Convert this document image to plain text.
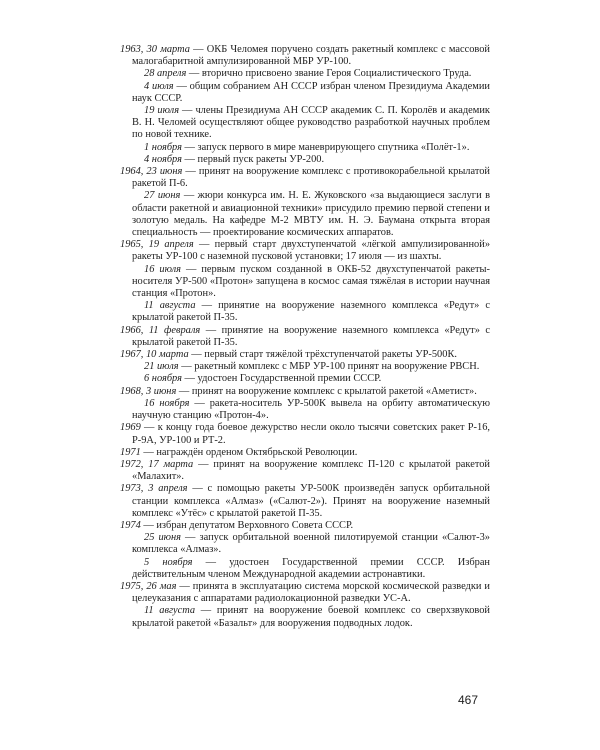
1963, 30 марта — ОКБ Челомея поручено создать ракетный комплекс с массовой малогабаритной ампулизированной МБР УР-100.

28 апреля — вторично присвоено звание Героя Социалистического Труда.

4 июля — общим собранием АН СССР избран членом Президиума Академии наук СССР.

19 июля — члены Президиума АН СССР академик С. П. Королёв и академик В. Н. Челомей осуществляют общее руководство разработкой научных проблем по новой технике.

1 ноября — запуск первого в мире маневрирующего спутника «Полёт-1».

4 ноября — первый пуск ракеты УР-200.

1964, 23 июня — принят на вооружение комплекс с противокорабельной крылатой ракетой П-6.

27 июня — жюри конкурса им. Н. Е. Жуковского «за выдающиеся заслуги в области ракетной и авиационной техники» присудило премию первой степени и золотую медаль. На кафедре М-2 МВТУ им. Н. Э. Баумана открыта вторая специальность — проектирование космических аппаратов.

1965, 19 апреля — первый старт двухступенчатой «лёгкой ампулизированной» ракеты УР-100 с наземной пусковой установки; 17 июля — из шахты.

16 июля — первым пуском созданной в ОКБ-52 двухступенчатой ракеты-носителя УР-500 «Протон» запущена в космос самая тяжёлая в истории научная станция «Протон».

11 августа — принятие на вооружение наземного комплекса «Редут» с крылатой ракетой П-35.

1966, 11 февраля — принятие на вооружение наземного комплекса «Редут» с крылатой ракетой П-35.

1967, 10 марта — первый старт тяжёлой трёхступенчатой ракеты УР-500К.

21 июля — ракетный комплекс с МБР УР-100 принят на вооружение РВСН.

6 ноября — удостоен Государственной премии СССР.

1968, 3 июня — принят на вооружение комплекс с крылатой ракетой «Аметист».

16 ноября — ракета-носитель УР-500К вывела на орбиту автоматическую научную станцию «Протон-4».

1969 — к концу года боевое дежурство несли около тысячи советских ракет Р-16, Р-9А, УР-100 и РТ-2.

1971 — награждён орденом Октябрьской Революции.

1972, 17 марта — принят на вооружение комплекс П-120 с крылатой ракетой «Малахит».

1973, 3 апреля — с помощью ракеты УР-500К произведён запуск орбитальной станции комплекса «Алмаз» («Салют-2»). Принят на вооружение наземный комплекс «Утёс» с крылатой ракетой П-35.

1974 — избран депутатом Верховного Совета СССР.

25 июня — запуск орбитальной военной пилотируемой станции «Салют-3» комплекса «Алмаз».

5 ноября — удостоен Государственной премии СССР. Избран действительным членом Международной академии астронавтики.

1975, 26 мая — принята в эксплуатацию система морской космической разведки и целеуказания с аппаратами радиолокационной разведки УС-А.

11 августа — принят на вооружение боевой комплекс со сверхзвуковой крылатой ракетой «Базальт» для вооружения подводных лодок.

467
